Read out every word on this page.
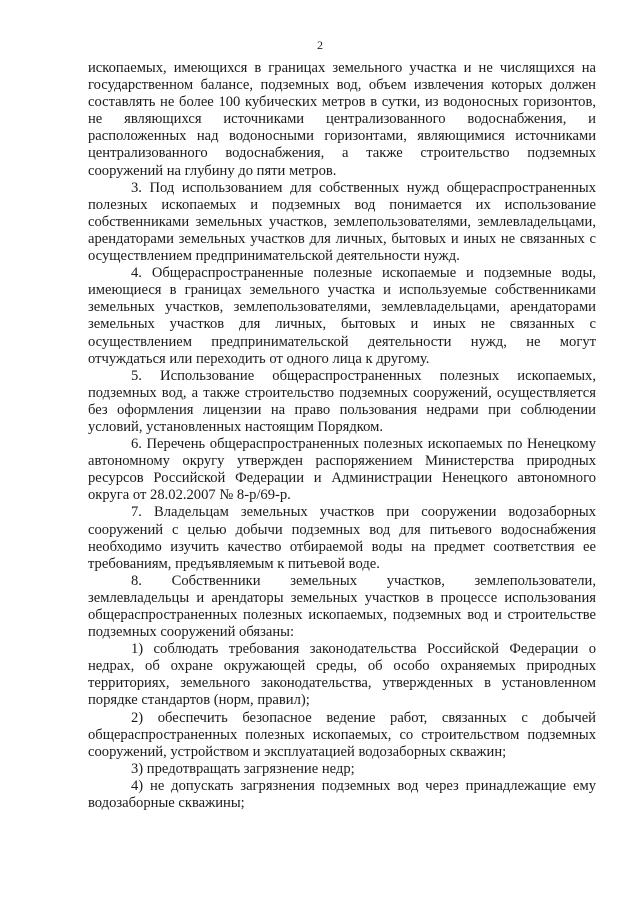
2

ископаемых, имеющихся в границах земельного участка и не числящихся на государственном балансе, подземных вод, объем извлечения которых должен составлять не более 100 кубических метров в сутки, из водоносных горизонтов, не являющихся источниками централизованного водоснабжения, и расположенных над водоносными горизонтами, являющимися источниками централизованного водоснабжения, а также строительство подземных сооружений на глубину до пяти метров.

3. Под использованием для собственных нужд общераспространенных полезных ископаемых и подземных вод понимается их использование собственниками земельных участков, землепользователями, землевладельцами, арендаторами земельных участков для личных, бытовых и иных не связанных с осуществлением предпринимательской деятельности нужд.

4. Общераспространенные полезные ископаемые и подземные воды, имеющиеся в границах земельного участка и используемые собственниками земельных участков, землепользователями, землевладельцами, арендаторами земельных участков для личных, бытовых и иных не связанных с осуществлением предпринимательской деятельности нужд, не могут отчуждаться или переходить от одного лица к другому.

5. Использование общераспространенных полезных ископаемых, подземных вод, а также строительство подземных сооружений, осуществляется без оформления лицензии на право пользования недрами при соблюдении условий, установленных настоящим Порядком.

6. Перечень общераспространенных полезных ископаемых по Ненецкому автономному округу утвержден распоряжением Министерства природных ресурсов Российской Федерации и Администрации Ненецкого автономного округа от 28.02.2007 № 8-р/69-р.

7. Владельцам земельных участков при сооружении водозаборных сооружений с целью добычи подземных вод для питьевого водоснабжения необходимо изучить качество отбираемой воды на предмет соответствия ее требованиям, предъявляемым к питьевой воде.

8. Собственники земельных участков, землепользователи, землевладельцы и арендаторы земельных участков в процессе использования общераспространенных полезных ископаемых, подземных вод и строительстве подземных сооружений обязаны:

1) соблюдать требования законодательства Российской Федерации о недрах, об охране окружающей среды, об особо охраняемых природных территориях, земельного законодательства, утвержденных в установленном порядке стандартов (норм, правил);

2) обеспечить безопасное ведение работ, связанных с добычей общераспространенных полезных ископаемых, со строительством подземных сооружений, устройством и эксплуатацией водозаборных скважин;

3) предотвращать загрязнение недр;

4) не допускать загрязнения подземных вод через принадлежащие ему водозаборные скважины;
